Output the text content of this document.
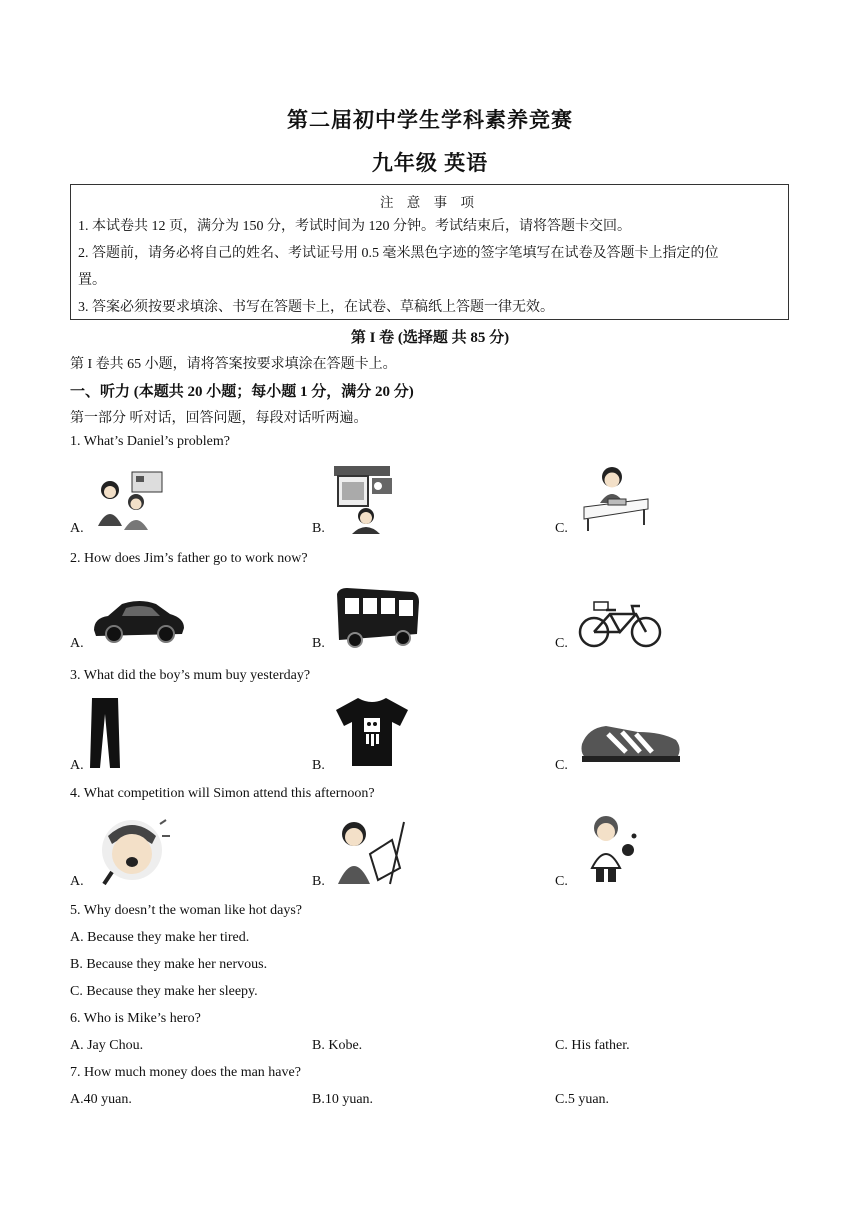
第二届初中学生学科素养竞赛
九年级 英语
注 意 事 项
1. 本试卷共 12 页，满分为 150 分，考试时间为 120 分钟。考试结束后，请将答题卡交回。
2. 答题前，请务必将自己的姓名、考试证号用 0.5 毫米黑色字迹的签字笔填写在试卷及答题卡上指定的位
置。
3. 答案必须按要求填涂、书写在答题卡上，在试卷、草稿纸上答题一律无效。
第 I 卷 (选择题 共 85 分)
第 I 卷共 65 小题，请将答案按要求填涂在答题卡上。
一、听力 (本题共 20 小题；每小题 1 分，满分 20 分)
第一部分 听对话，回答问题，每段对话听两遍。
1. What’s Daniel’s problem?
A.	B.	C.
2. How does Jim’s father go to work now?
A.	B.	C.
3. What did the boy’s mum buy yesterday?
A.	B.	C.
4. What competition will Simon attend this afternoon?
A.	B.	C.
5. Why doesn’t the woman like hot days?
A. Because they make her tired.
B. Because they make her nervous.
C. Because they make her sleepy.
6. Who is Mike’s hero?
A. Jay Chou.	B. Kobe.	C. His father.
7. How much money does the man have?
A.40 yuan.	B.10 yuan.	C.5 yuan.
